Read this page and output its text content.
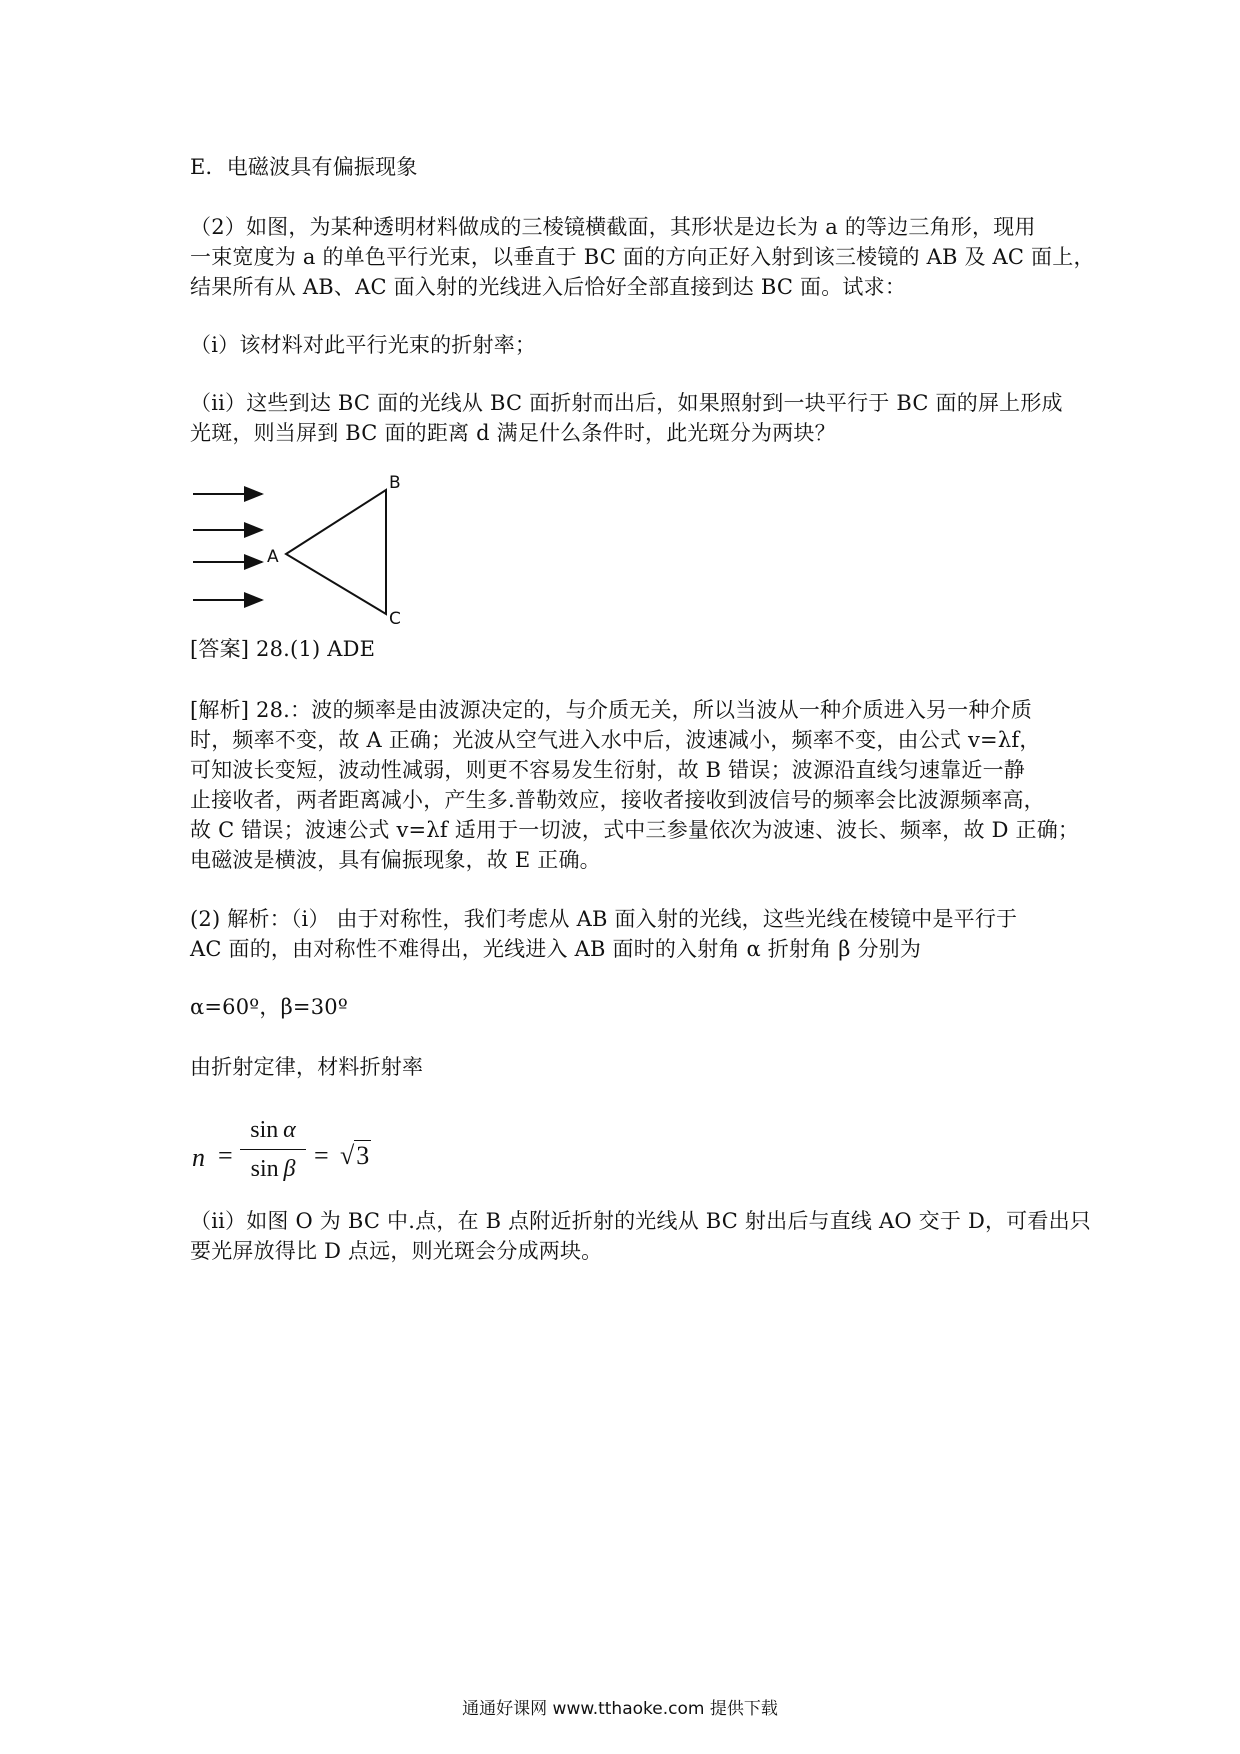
E．电磁波具有偏振现象
（2）如图，为某种透明材料做成的三棱镜横截面，其形状是边长为 a 的等边三角形，现用
一束宽度为 a 的单色平行光束，以垂直于 BC 面的方向正好入射到该三棱镜的 AB 及 AC 面上，
结果所有从 AB、AC 面入射的光线进入后恰好全部直接到达 BC 面。试求：
（i）该材料对此平行光束的折射率；
（ii）这些到达 BC 面的光线从 BC 面折射而出后，如果照射到一块平行于 BC 面的屏上形成
光斑，则当屏到 BC 面的距离 d 满足什么条件时，此光斑分为两块？
A
B
C
[答案] 28.(1) ADE
[解析] 28.：波的频率是由波源决定的，与介质无关，所以当波从一种介质进入另一种介质
时，频率不变，故 A 正确；光波从空气进入水中后，波速减小，频率不变，由公式 v=λf，
可知波长变短，波动性减弱，则更不容易发生衍射，故 B 错误；波源沿直线匀速靠近一静
止接收者，两者距离减小，产生多.普勒效应，接收者接收到波信号的频率会比波源频率高，
故 C 错误；波速公式 v=λf 适用于一切波，式中三参量依次为波速、波长、频率，故 D 正确；
电磁波是横波，具有偏振现象，故 E 正确。
(2) 解析：（i） 由于对称性，我们考虑从 AB 面入射的光线，这些光线在棱镜中是平行于
AC 面的，由对称性不难得出，光线进入 AB 面时的入射角 α 折射角 β 分别为
α=60º，β=30º
由折射定律，材料折射率
n =
sin  α
sin  β = √3
（ii）如图 O 为 BC 中.点，在 B 点附近折射的光线从 BC 射出后与直线 AO 交于 D，可看出只
要光屏放得比 D 点远，则光斑会分成两块。
通通好课网 www.tthaoke.com 提供下载
